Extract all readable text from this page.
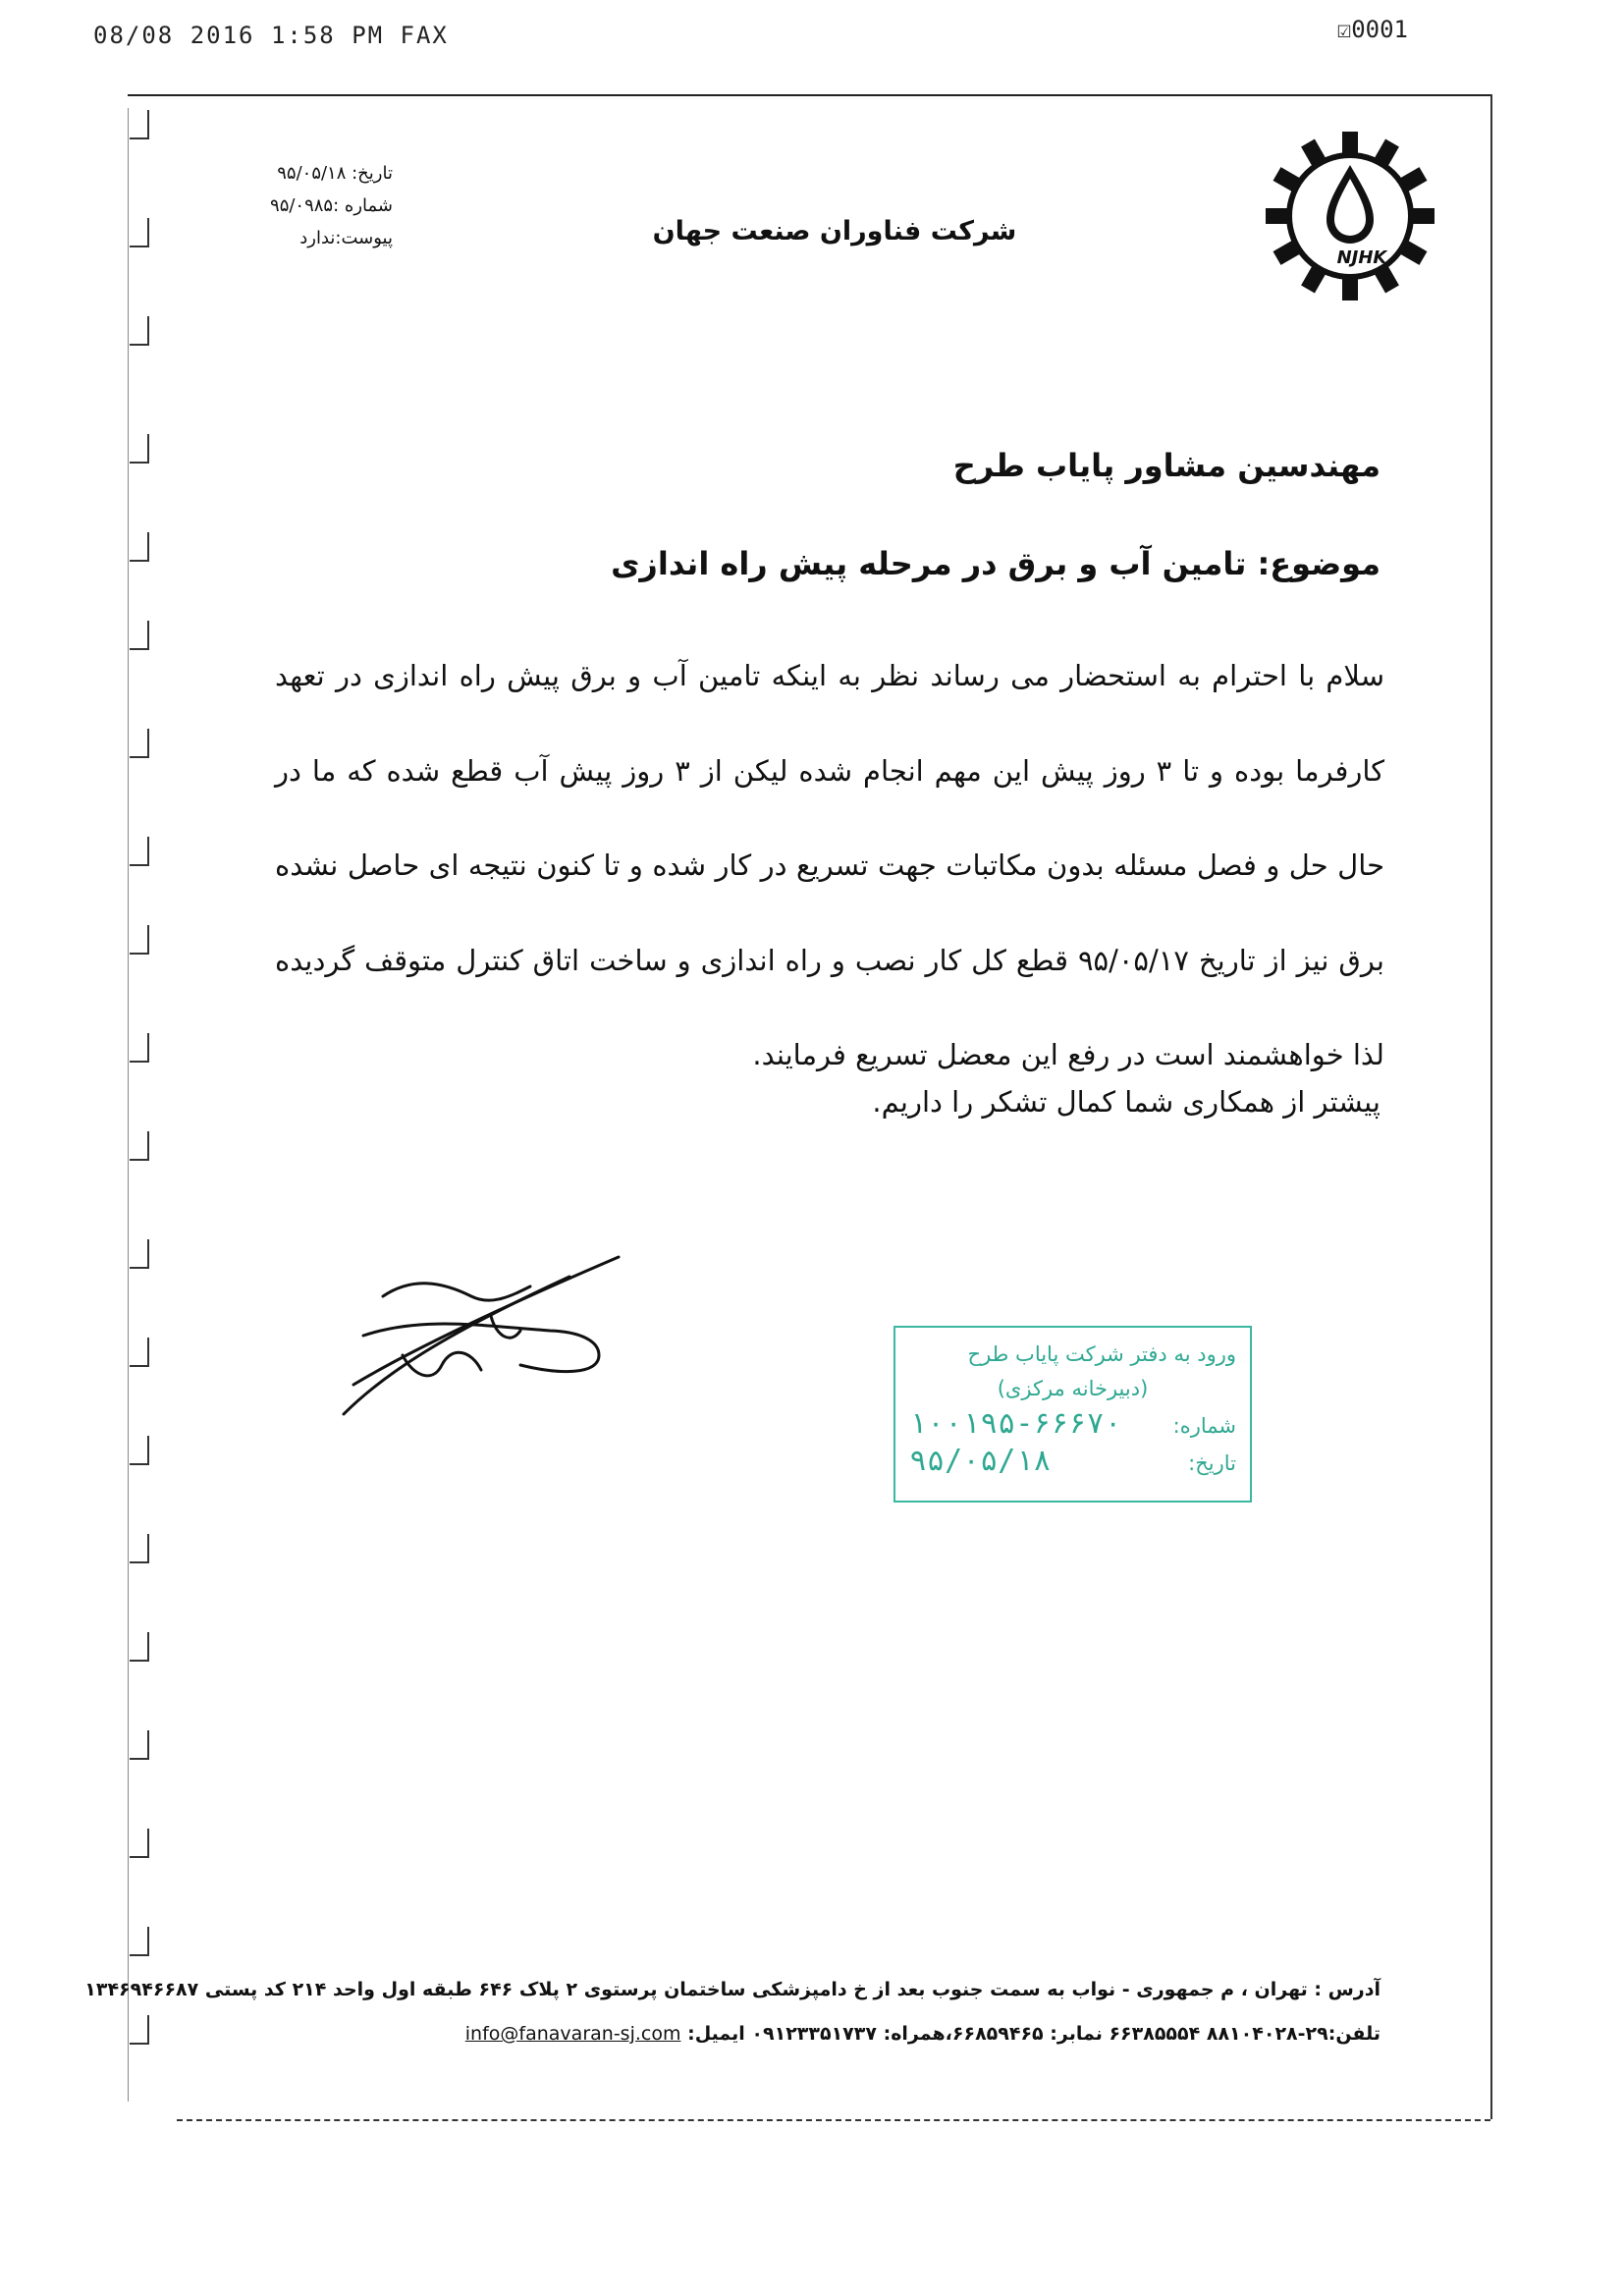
08/08 2016 1:58 PM FAX	☑0001
تاریخ: ۹۵/۰۵/۱۸
شماره :۹۵/۰۹۸۵
پیوست:ندارد	شرکت فناوران صنعت جهان
NJHK
مهندسین مشاور پایاب طرح
موضوع: تامین آب و برق در مرحله پیش راه اندازی

سلام با احترام به استحضار می رساند نظر به اینکه تامین آب و برق پیش راه اندازی در تعهد کارفرما بوده و تا ۳ روز پیش این مهم انجام شده لیکن از ۳ روز پیش آب قطع شده که ما در حال حل و فصل مسئله بدون مکاتبات جهت تسریع در کار شده و تا کنون نتیجه ای حاصل نشده برق نیز از تاریخ ۹۵/۰۵/۱۷ قطع کل کار نصب و راه اندازی و ساخت اتاق کنترل متوقف گردیده لذا خواهشمند است در رفع این معضل تسریع فرمایند.

پیشتر از همکاری شما کمال تشکر را داریم.
ورود به دفتر شرکت پایاب طرح
(دبیرخانه مرکزی)
شماره:
۱۰۰۱۹۵-۶۶۶۷۰
تاریخ:
۹۵/۰۵/۱۸
آدرس : تهران ، م جمهوری - نواب به سمت جنوب بعد از خ دامپزشکی ساختمان پرستوی ۲ پلاک ۶۴۶ طبقه اول واحد ۲۱۴ کد پستی ۱۳۴۶۹۴۶۶۸۷
تلفن:۲۹-۸۸۱۰۴۰۲۸ ۶۶۳۸۵۵۵۴ نمابر: ۶۶۸۵۹۴۶۵،همراه: ۰۹۱۲۳۳۵۱۷۳۷ ایمیل: info@fanavaran-sj.com
